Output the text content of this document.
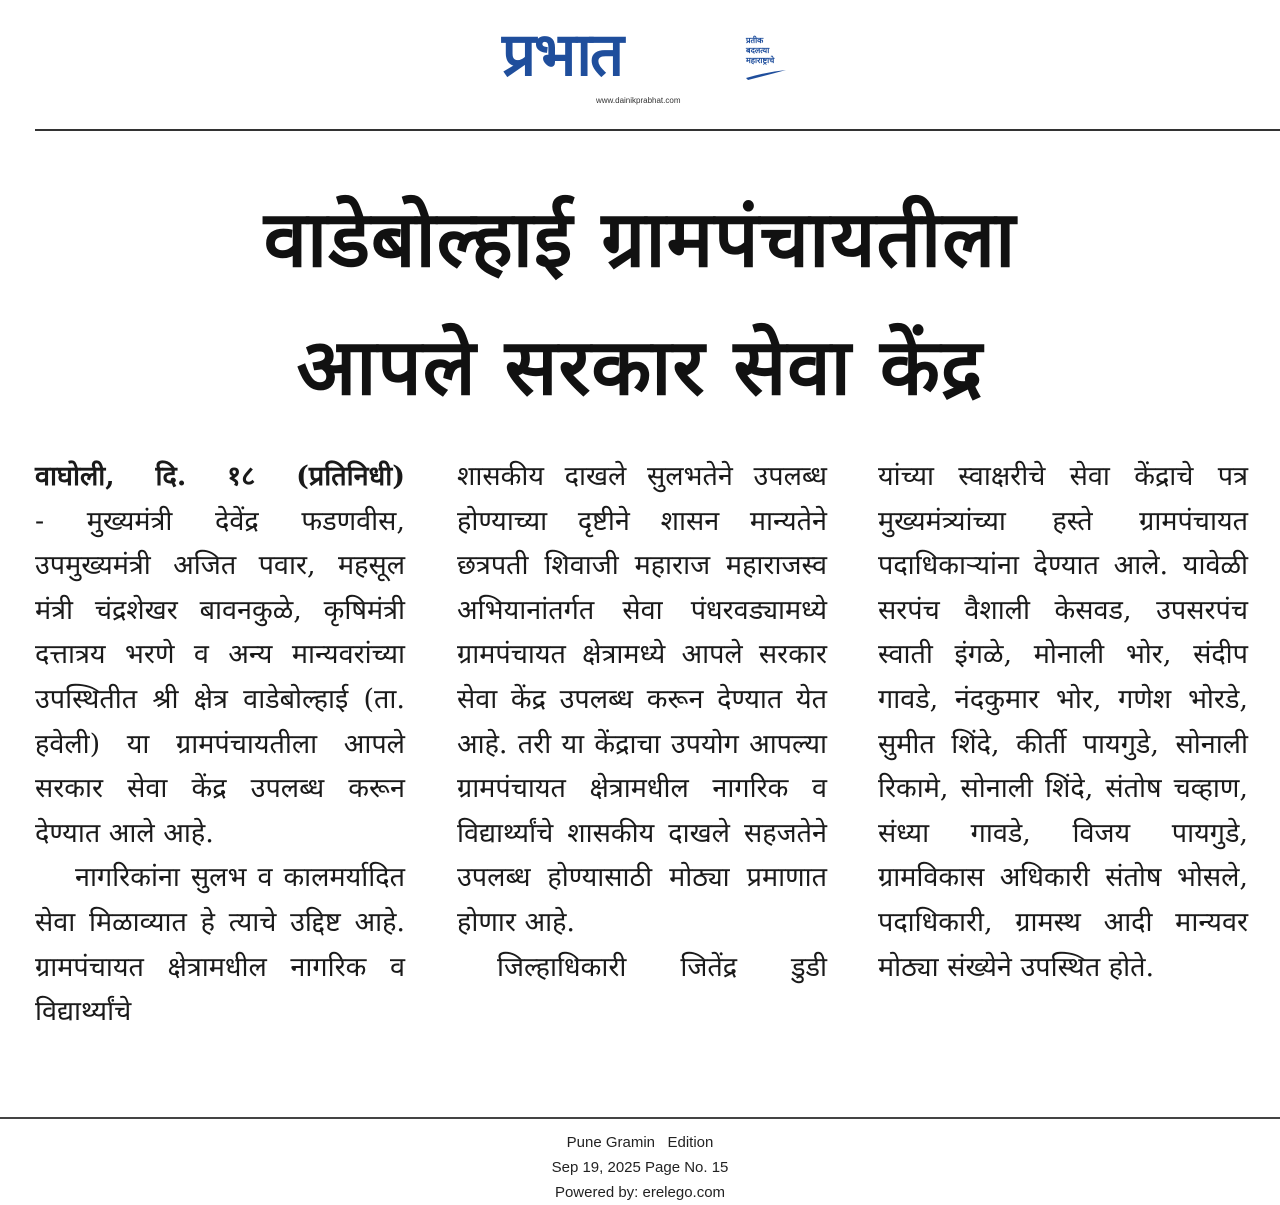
प्रभात	प्रतीक
बदलत्या
महाराष्ट्राचे
www.dainikprabhat.com
वाडेबोल्हाई ग्रामपंचायतीला
आपले सरकार सेवा केंद्र

वाघोली, दि. १८ (प्रतिनिधी)

- मुख्यमंत्री देवेंद्र फडणवीस, उपमुख्यमंत्री अजित पवार, महसूल मंत्री चंद्रशेखर बावनकुळे, कृषिमंत्री दत्तात्रय भरणे व अन्य मान्यवरांच्या उपस्थितीत श्री क्षेत्र वाडेबोल्हाई (ता. हवेली) या ग्रामपंचायतीला आपले सरकार सेवा केंद्र उपलब्ध करून देण्यात आले आहे.

नागरिकांना सुलभ व कालमर्यादित सेवा मिळाव्यात हे त्याचे उद्दिष्ट आहे. ग्रामपंचायत क्षेत्रामधील नागरिक व विद्यार्थ्यांचे

शासकीय दाखले सुलभतेने उपलब्ध होण्याच्या दृष्टीने शासन मान्यतेने छत्रपती शिवाजी महाराज महाराजस्व अभियानांतर्गत सेवा पंधरवड्यामध्ये ग्रामपंचायत क्षेत्रामध्ये आपले सरकार सेवा केंद्र उपलब्ध करून देण्यात येत आहे. तरी या केंद्राचा उपयोग आपल्या ग्रामपंचायत क्षेत्रामधील नागरिक व विद्यार्थ्यांचे शासकीय दाखले सहजतेने उपलब्ध होण्यासाठी मोठ्या प्रमाणात होणार आहे.

जिल्हाधिकारी जितेंद्र डुडी

यांच्या स्वाक्षरीचे सेवा केंद्राचे पत्र मुख्यमंत्र्यांच्या हस्ते ग्रामपंचायत पदाधिकाऱ्यांना देण्यात आले. यावेळी सरपंच वैशाली केसवड, उपसरपंच स्वाती इंगळे, मोनाली भोर, संदीप गावडे, नंदकुमार भोर, गणेश भोरडे, सुमीत शिंदे, कीर्ती पायगुडे, सोनाली रिकामे, सोनाली शिंदे, संतोष चव्हाण, संध्या गावडे, विजय पायगुडे, ग्रामविकास अधिकारी संतोष भोसले, पदाधिकारी, ग्रामस्थ आदी मान्यवर मोठ्या संख्येने उपस्थित होते.

Pune Gramin   Edition
Sep 19, 2025 Page No. 15
Powered by: erelego.com
